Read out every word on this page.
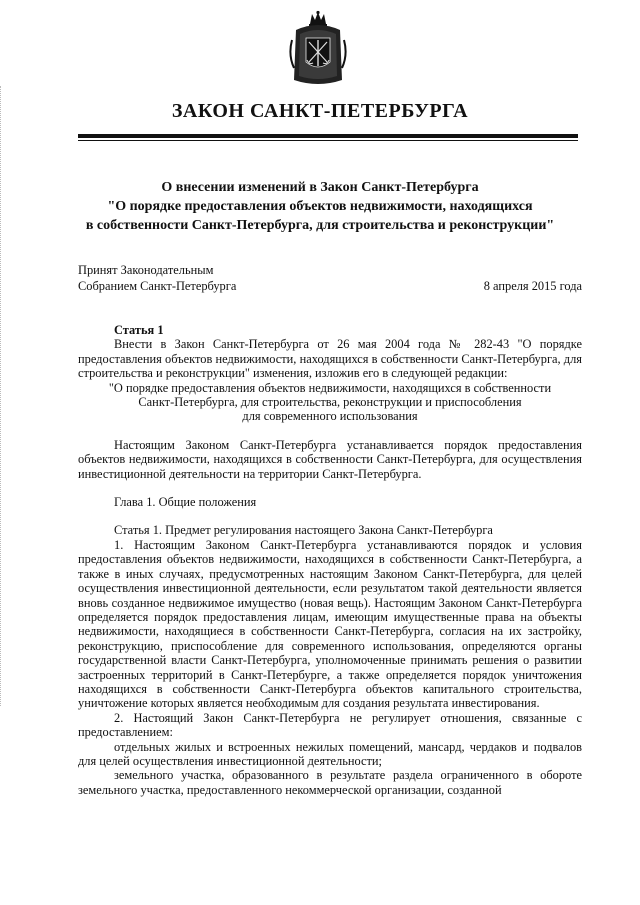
ЗАКОН САНКТ-ПЕТЕРБУРГА
О внесении изменений в Закон Санкт-Петербурга
"О порядке предоставления объектов недвижимости, находящихся
в собственности Санкт-Петербурга, для строительства и реконструкции"
Принят Законодательным
Собранием Санкт-Петербурга	8 апреля 2015 года

Статья 1

Внести в Закон Санкт-Петербурга от 26 мая 2004 года № 282-43 "О порядке предоставления объектов недвижимости, находящихся в собственности Санкт-Петербурга, для строительства и реконструкции" изменения, изложив его в следующей редакции:

"О порядке предоставления объектов недвижимости, находящихся в собственности

Санкт-Петербурга, для строительства, реконструкции и приспособления

для современного использования

Настоящим Законом Санкт-Петербурга устанавливается порядок предоставления объектов недвижимости, находящихся в собственности Санкт-Петербурга, для осуществления инвестиционной деятельности на территории Санкт-Петербурга.

Глава 1. Общие положения

Статья 1. Предмет регулирования настоящего Закона Санкт-Петербурга

1. Настоящим Законом Санкт-Петербурга устанавливаются порядок и условия предоставления объектов недвижимости, находящихся в собственности Санкт-Петербурга, а также в иных случаях, предусмотренных настоящим Законом Санкт-Петербурга, для целей осуществления инвестиционной деятельности, если результатом такой деятельности является вновь созданное недвижимое имущество (новая вещь). Настоящим Законом Санкт-Петербурга определяется порядок предоставления лицам, имеющим имущественные права на объекты недвижимости, находящиеся в собственности Санкт-Петербурга, согласия на их застройку, реконструкцию, приспособление для современного использования, определяются органы государственной власти Санкт-Петербурга, уполномоченные принимать решения о развитии застроенных территорий в Санкт-Петербурге, а также определяется порядок уничтожения находящихся в собственности Санкт-Петербурга объектов капитального строительства, уничтожение которых является необходимым для создания результата инвестирования.

2. Настоящий Закон Санкт-Петербурга не регулирует отношения, связанные с предоставлением:

отдельных жилых и встроенных нежилых помещений, мансард, чердаков и подвалов для целей осуществления инвестиционной деятельности;

земельного участка, образованного в результате раздела ограниченного в обороте земельного участка, предоставленного некоммерческой организации, созданной
